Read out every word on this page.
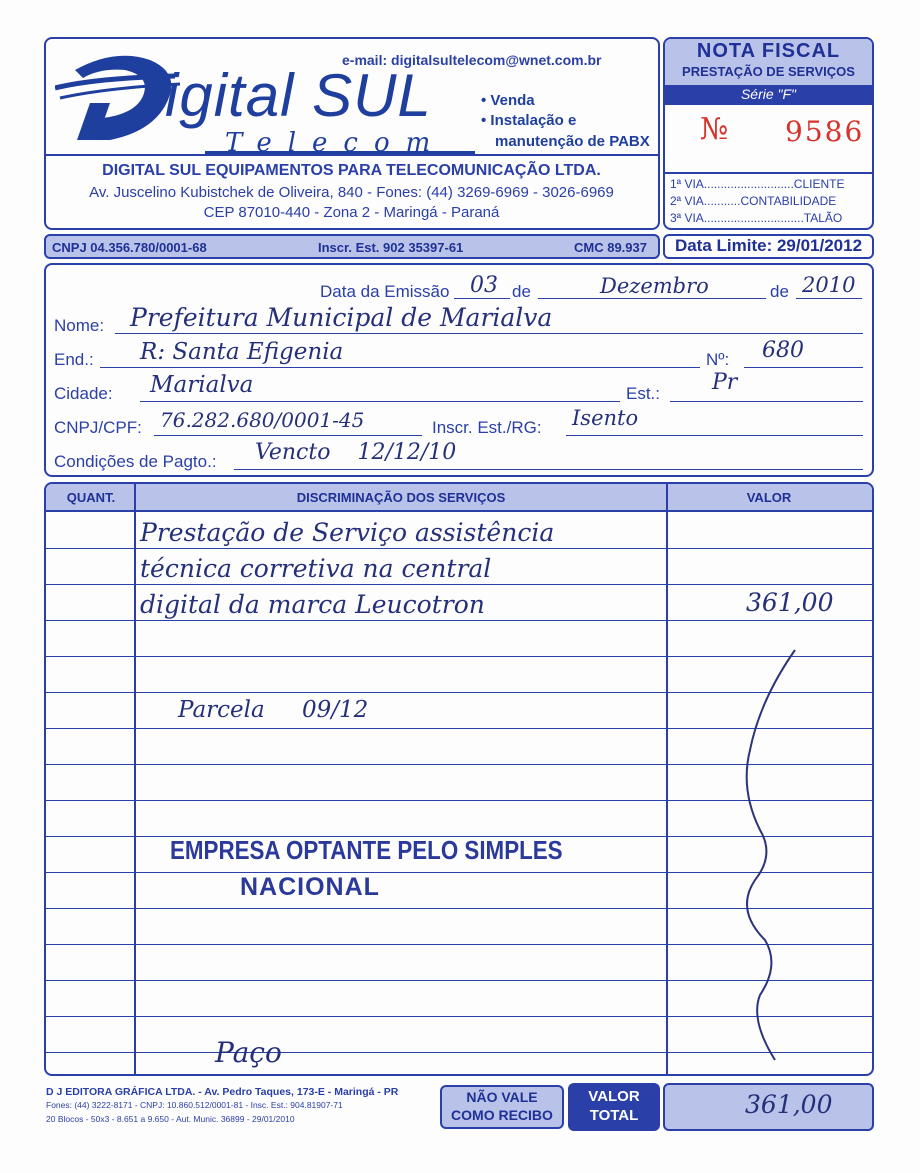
e-mail: digitalsultelecom@wnet.com.br
igital SUL
Telecom
• Venda
• Instalação e
manutenção de PABX
DIGITAL SUL EQUIPAMENTOS PARA TELECOMUNICAÇÃO LTDA.
Av. Juscelino Kubistchek de Oliveira, 840 - Fones: (44) 3269-6969 - 3026-6969
CEP 87010-440 - Zona 2 - Maringá - Paraná
NOTA FISCAL
PRESTAÇÃO DE SERVIÇOS
Série "F"
№ 9586
1ª VIA...........................CLIENTE
2ª VIA...........CONTABILIDADE
3ª VIA..............................TALÃO
CNPJ 04.356.780/0001-68	Inscr. Est. 902 35397-61	CMC 89.937	Data Limite: 29/01/2012
Data da Emissão 03 de	Dezembro	de 2010
Nome: Prefeitura Municipal de Marialva
End.: R: Santa Efigenia	Nº: 680
Cidade: Marialva	Est.: Pr
CNPJ/CPF: 76.282.680/0001-45	Inscr. Est./RG: Isento
Condições de Pagto.: Vencto 12/12/10
QUANT.	DISCRIMINAÇÃO DOS SERVIÇOS	VALOR
Prestação de Serviço assistência
técnica corretiva na central
digital da marca Leucotron	361,00
Parcela 09/12
EMPRESA OPTANTE PELO SIMPLES
NACIONAL
Paço
D J EDITORA GRÁFICA LTDA. - Av. Pedro Taques, 173-E - Maringá - PR
Fones: (44) 3222-8171 - CNPJ: 10.860.512/0001-81 - Insc. Est.: 904.81907-71
20 Blocos - 50x3 - 8.651 a 9.650 - Aut. Munic. 36899 - 29/01/2010
NÃO VALE
COMO RECIBO
VALOR
TOTAL	361,00
